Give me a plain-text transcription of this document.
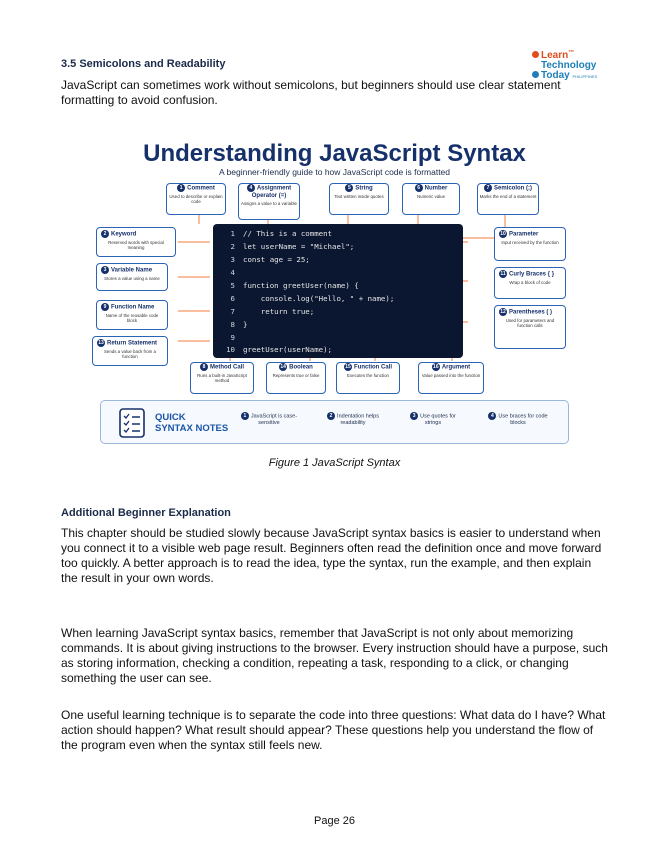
3.5 Semicolons and Readability
Learn™
Technology
Today PHILIPPINES
JavaScript can sometimes work without semicolons, but beginners should use clear statement formatting to avoid confusion.
Understanding JavaScript Syntax
A beginner-friendly guide to how JavaScript code is formatted
1 Comment
Used to describe or explain code
4 Assignment Operator (=)
Assigns a value to a variable
5 String
Text written inside quotes
6 Number
Numeric value
7 Semicolon (;)
Marks the end of a statement
2 Keyword
Reserved words with special meaning
3 Variable Name
Stores a value using a name
9 Function Name
Name of the reusable code block
13 Return Statement
Sends a value back from a function
10 Parameter
Input received by the function
11 Curly Braces { }
Wrap a block of code
12 Parentheses ( )
Used for parameters and function calls
1 // This is a comment
2 let userName = "Michael";
3 const age = 25;
4
5 function greetUser(name) {
6 console.log("Hello, " + name);
7 return true;
8 }
9
10 greetUser(userName);
8 Method Call
Runs a built-in JavaScript method
14 Boolean
Represents true or false
15 Function Call
Executes the function
16 Argument
Value passed into the function
QUICK
SYNTAX NOTES
1 JavaScript is case-sensitive
2 Indentation helps readability
3 Use quotes for strings
4 Use braces for code blocks
Figure 1 JavaScript Syntax
Additional Beginner Explanation
This chapter should be studied slowly because JavaScript syntax basics is easier to understand when you connect it to a visible web page result. Beginners often read the definition once and move forward too quickly. A better approach is to read the idea, type the syntax, run the example, and then explain the result in your own words.
When learning JavaScript syntax basics, remember that JavaScript is not only about memorizing commands. It is about giving instructions to the browser. Every instruction should have a purpose, such as storing information, checking a condition, repeating a task, responding to a click, or changing something the user can see.
One useful learning technique is to separate the code into three questions: What data do I have? What action should happen? What result should appear? These questions help you understand the flow of the program even when the syntax still feels new.
Page 26
